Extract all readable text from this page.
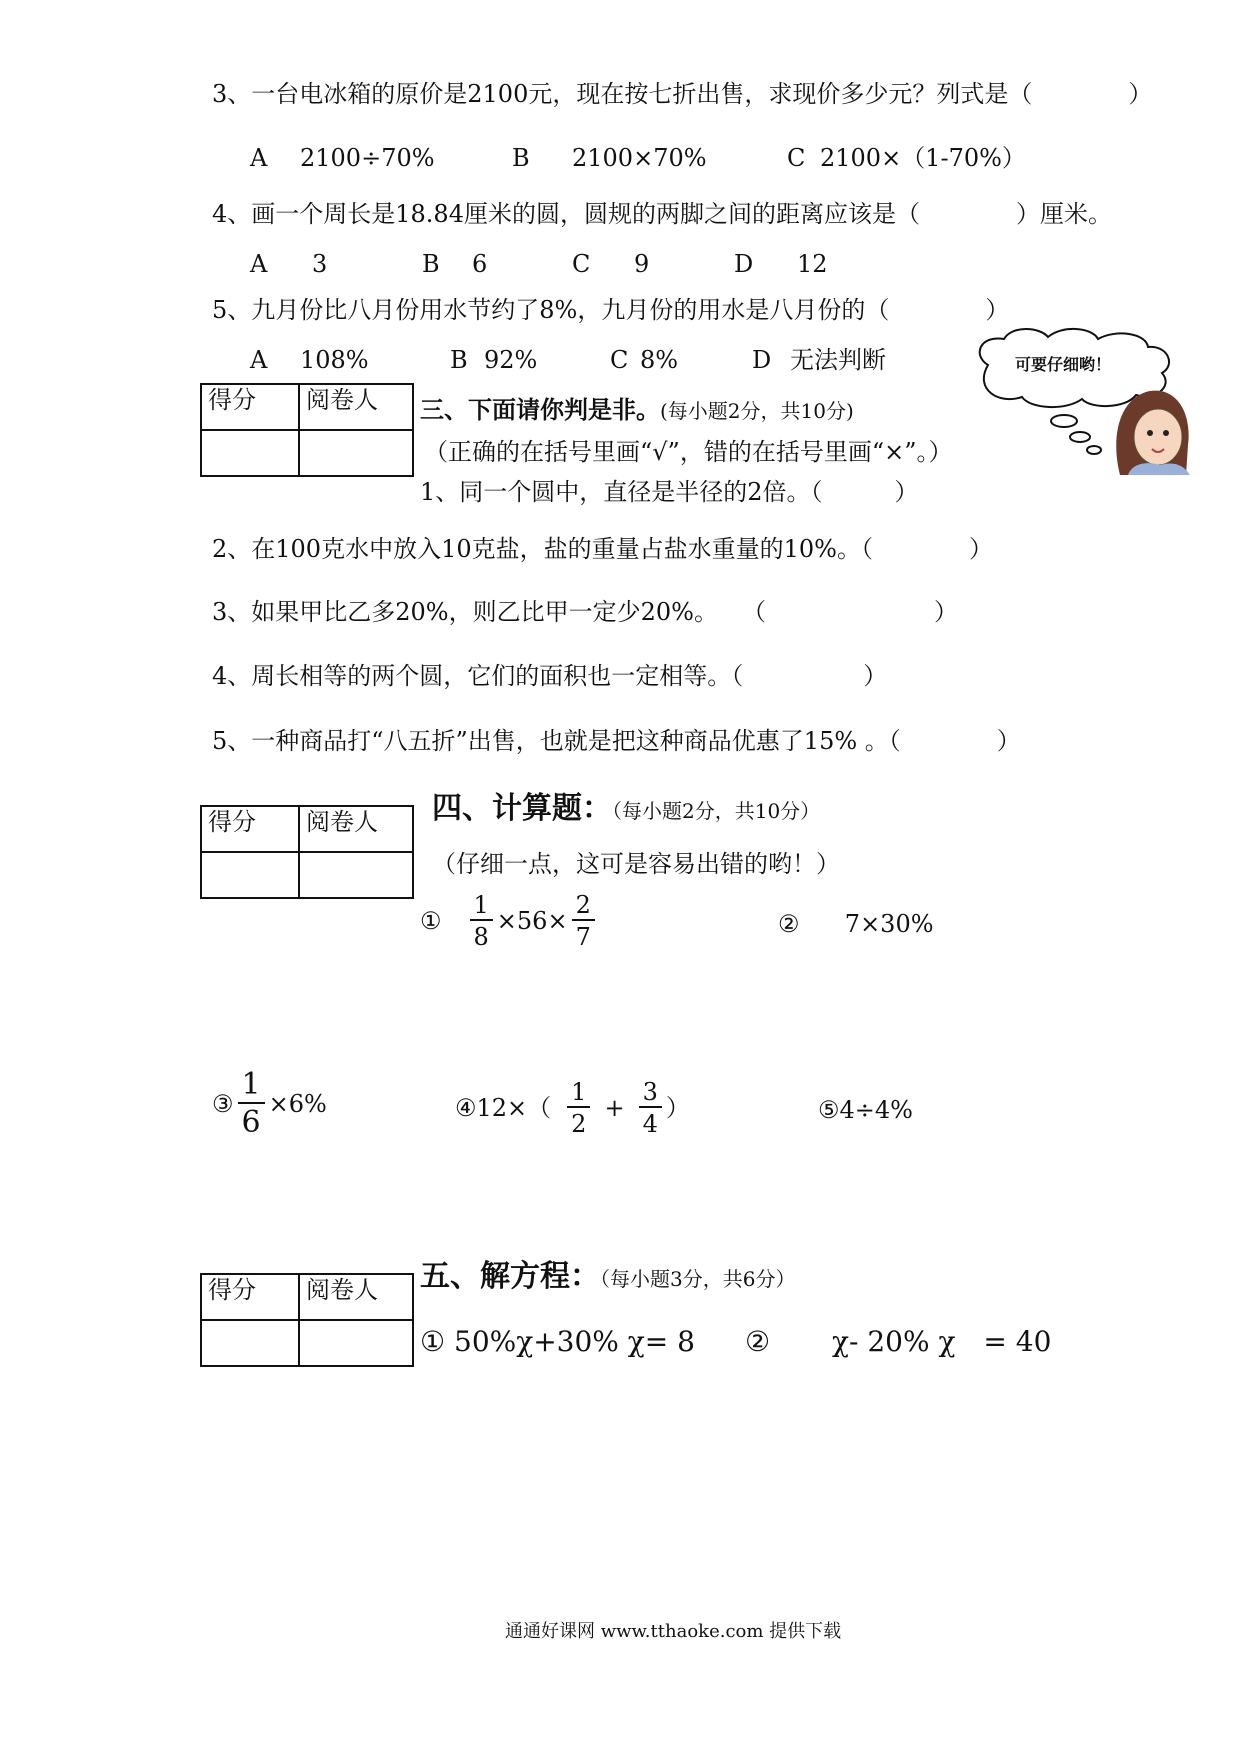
3、一台电冰箱的原价是2100元，现在按七折出售，求现价多少元？列式是（　　　　）
A 2100÷70%	B 2100×70%	C 2100×（1-70%）
4、画一个周长是18.84厘米的圆，圆规的两脚之间的距离应该是（　　　　）厘米。
A 3	B 6	C 9	D 12
5、九月份比八月份用水节约了8%，九月份的用水是八月份的（　　　　）
A 108%	B 92%	C 8%	D 无法判断	可要仔细哟！
得分	阅卷人
	三、下面请你判是非。(每小题2分，共10分)
（正确的在括号里画“√”，错的在括号里画“×”。）
1、同一个圆中，直径是半径的2倍。（　　　）
2、在100克水中放入10克盐，盐的重量占盐水重量的10%。（　　　　）
3、如果甲比乙多20%，则乙比甲一定少20%。　　（　　　　　　　）
4、周长相等的两个圆，它们的面积也一定相等。（　　　　　）
5、一种商品打“八五折”出售，也就是把这种商品优惠了15% 。（　　　　）
得分	阅卷人
	四、计算题：（每小题2分，共10分）
（仔细一点，这可是容易出错的哟！）
① $\frac{1}{8} \times 56\times \frac{2}{7}$	② 7×30%
③ $\frac{1}{6} \times 6\%$	④12×（ $\frac{1}{2} + \frac{3}{4}$ ）	⑤4÷4%
得分	阅卷人
	五、解方程：（每小题3分，共6分）
① 50%χ+30% χ= 8 ② χ- 20% χ　= 40
通通好课网 www.tthaoke.com 提供下载
